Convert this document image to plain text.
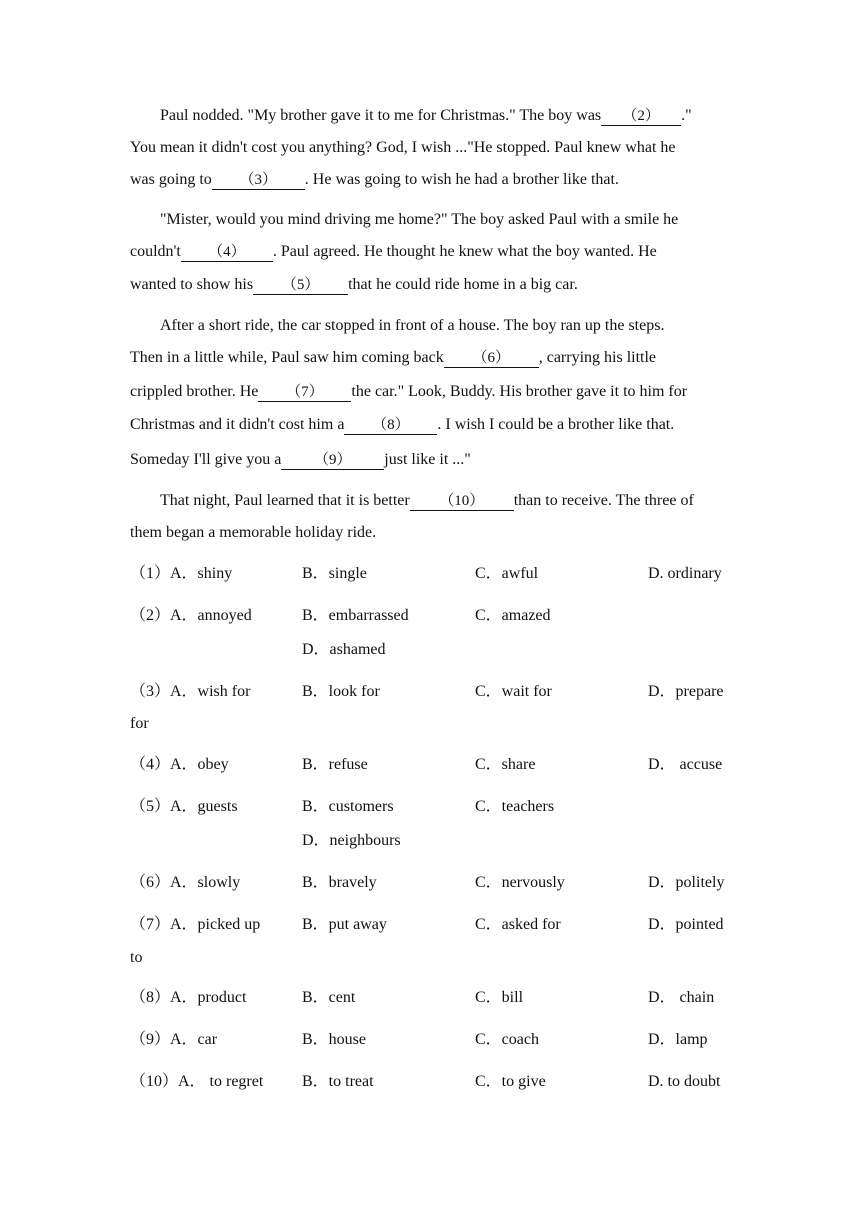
Paul nodded. "My brother gave it to me for Christmas." The boy was （2） ."
You mean it didn't cost you anything? God, I wish ..."He stopped. Paul knew what he
was going to （3） . He was going to wish he had a brother like that.
"Mister, would you mind driving me home?" The boy asked Paul with a smile he
couldn't （4） . Paul agreed. He thought he knew what the boy wanted. He
wanted to show his （5） that he could ride home in a big car.
After a short ride, the car stopped in front of a house. The boy ran up the steps.
Then in a little while, Paul saw him coming back （6） , carrying his little
crippled brother. He （7） the car." Look, Buddy. His brother gave it to him for
Christmas and it didn't cost him a （8） . I wish I could be a brother like that.
Someday I'll give you a （9） just like it ..."
That night, Paul learned that it is better （10） than to receive. The three of
them began a memorable holiday ride.
（1）A．shiny	B．single	C．awful	D. ordinary
（2）A．annoyed	B．embarrassed	C．amazed
D．ashamed
（3）A．wish for	B．look for	C．wait for	D．prepare
for
（4）A．obey	B．refuse	C．share	D． accuse
（5）A．guests	B．customers	C．teachers
D．neighbours
（6）A．slowly	B．bravely	C．nervously	D．politely
（7）A．picked up	B．put away	C．asked for	D．pointed
to
（8）A．product	B．cent	C．bill	D． chain
（9）A．car	B．house	C．coach	D．lamp
（10）A． to regret B．to treat	C．to give	D. to doubt
